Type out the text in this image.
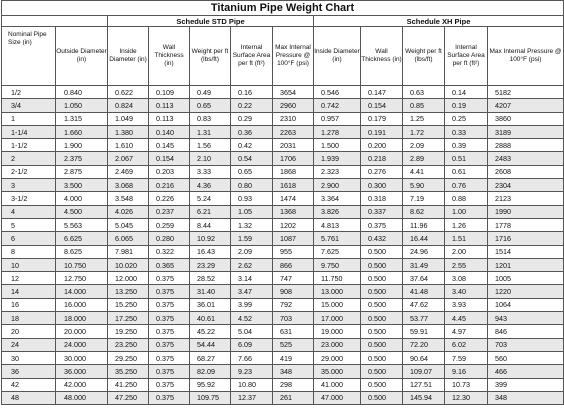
Titanium Pipe Weight Chart											
		Schedule STD Pipe					Schedule XH Pipe				
Nominal Pipe Size (in)	Outside Diameter (in)	Inside Diameter (in)	Wall Thickness (in)	Weight per ft (lbs/ft)	Internal Surface Area per ft (ft²)	Max Internal Pressure @ 100°F (psi)	Inside Diameter (in)	Wall Thickness (in)	Weight per ft (lbs/ft)	Internal Surface Area per ft (ft²)	Max Internal Pressure @ 100°F (psi)
1/2	0.840	0.622	0.109	0.49	0.16	3654	0.546	0.147	0.63	0.14	5182
3/4	1.050	0.824	0.113	0.65	0.22	2960	0.742	0.154	0.85	0.19	4207
1	1.315	1.049	0.113	0.83	0.29	2310	0.957	0.179	1.25	0.25	3860
1-1/4	1.660	1.380	0.140	1.31	0.36	2263	1.278	0.191	1.72	0.33	3189
1-1/2	1.900	1.610	0.145	1.56	0.42	2031	1.500	0.200	2.09	0.39	2888
2	2.375	2.067	0.154	2.10	0.54	1706	1.939	0.218	2.89	0.51	2483
2-1/2	2.875	2.469	0.203	3.33	0.65	1868	2.323	0.276	4.41	0.61	2608
3	3.500	3.068	0.216	4.36	0.80	1618	2.900	0.300	5.90	0.76	2304
3-1/2	4.000	3.548	0.226	5.24	0.93	1474	3.364	0.318	7.19	0.88	2123
4	4.500	4.026	0.237	6.21	1.05	1368	3.826	0.337	8.62	1.00	1990
5	5.563	5.045	0.259	8.44	1.32	1202	4.813	0.375	11.96	1.26	1778
6	6.625	6.065	0.280	10.92	1.59	1087	5.761	0.432	16.44	1.51	1716
8	8.625	7.981	0.322	16.43	2.09	955	7.625	0.500	24.96	2.00	1514
10	10.750	10.020	0.365	23.29	2.62	866	9.750	0.500	31.49	2.55	1201
12	12.750	12.000	0.375	28.52	3.14	747	11.750	0.500	37.64	3.08	1005
14	14.000	13.250	0.375	31.40	3.47	908	13.000	0.500	41.48	3.40	1220
16	16.000	15.250	0.375	36.01	3.99	792	15.000	0.500	47.62	3.93	1064
18	18.000	17.250	0.375	40.61	4.52	703	17.000	0.500	53.77	4.45	943
20	20.000	19.250	0.375	45.22	5.04	631	19.000	0.500	59.91	4.97	846
24	24.000	23.250	0.375	54.44	6.09	525	23.000	0.500	72.20	6.02	703
30	30.000	29.250	0.375	68.27	7.66	419	29.000	0.500	90.64	7.59	560
36	36.000	35.250	0.375	82.09	9.23	348	35.000	0.500	109.07	9.16	466
42	42.000	41.250	0.375	95.92	10.80	298	41.000	0.500	127.51	10.73	399
48	48.000	47.250	0.375	109.75	12.37	261	47.000	0.500	145.94	12.30	348
